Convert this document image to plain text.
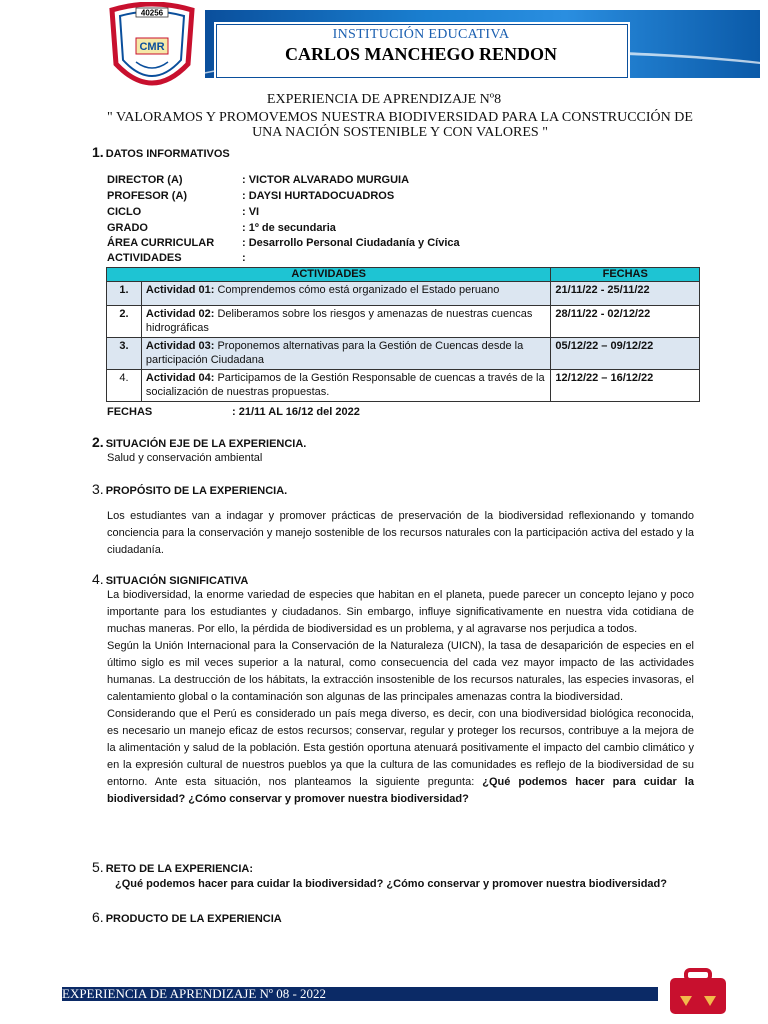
INSTITUCIÓN EDUCATIVA
CARLOS MANCHEGO RENDON
40256
CMR
EXPERIENCIA DE APRENDIZAJE Nº8
" VALORAMOS Y PROMOVEMOS NUESTRA BIODIVERSIDAD PARA LA CONSTRUCCIÓN DE UNA NACIÓN SOSTENIBLE Y CON VALORES "
1. DATOS INFORMATIVOS
DIRECTOR (A)	: VICTOR ALVARADO MURGUIA
PROFESOR (A)	: DAYSI HURTADOCUADROS
CICLO	: VI
GRADO	: 1º de secundaria
ÁREA CURRICULAR	: Desarrollo Personal Ciudadanía y Cívica
ACTIVIDADES	:
ACTIVIDADES		FECHAS
1.	Actividad 01: Comprendemos cómo está organizado el Estado peruano	21/11/22 - 25/11/22
2.	Actividad 02: Deliberamos sobre los riesgos y amenazas de nuestras cuencas hidrográficas	28/11/22 - 02/12/22
3.	Actividad 03: Proponemos alternativas para la Gestión de Cuencas desde la participación Ciudadana	05/12/22 – 09/12/22
4.	Actividad 04: Participamos de la Gestión Responsable de cuencas a través de la socialización de nuestras propuestas.	12/12/22 – 16/12/22
FECHAS	: 21/11 AL 16/12 del 2022
2. SITUACIÓN EJE DE LA EXPERIENCIA.
Salud y conservación ambiental
3. PROPÓSITO DE LA EXPERIENCIA.
Los estudiantes van a indagar y promover prácticas de preservación de la biodiversidad reflexionando y tomando conciencia para la conservación y manejo sostenible de los recursos naturales con la participación activa del estado y la ciudadanía.
4. SITUACIÓN SIGNIFICATIVA
La biodiversidad, la enorme variedad de especies que habitan en el planeta, puede parecer un concepto lejano y poco importante para los estudiantes y ciudadanos. Sin embargo, influye significativamente en nuestra vida cotidiana de muchas maneras. Por ello, la pérdida de biodiversidad es un problema, y al agravarse nos perjudica a todos.
Según la Unión Internacional para la Conservación de la Naturaleza (UICN), la tasa de desaparición de especies en el último siglo es mil veces superior a la natural, como consecuencia del cada vez mayor impacto de las actividades humanas. La destrucción de los hábitats, la extracción insostenible de los recursos naturales, las especies invasoras, el calentamiento global o la contaminación son algunas de las principales amenazas contra la biodiversidad.
Considerando que el Perú es considerado un país mega diverso, es decir, con una biodiversidad biológica reconocida, es necesario un manejo eficaz de estos recursos; conservar, regular y proteger los recursos, contribuye a la mejora de la alimentación y salud de la población. Esta gestión oportuna atenuará positivamente el impacto del cambio climático y en la expresión cultural de nuestros pueblos ya que la cultura de las comunidades es reflejo de la biodiversidad de su entorno. Ante esta situación, nos planteamos la siguiente pregunta: ¿Qué podemos hacer para cuidar la biodiversidad? ¿Cómo conservar y promover nuestra biodiversidad?
5. RETO DE LA EXPERIENCIA:
¿Qué podemos hacer para cuidar la biodiversidad? ¿Cómo conservar y promover nuestra biodiversidad?
6. PRODUCTO DE LA EXPERIENCIA
EXPERIENCIA DE APRENDIZAJE Nº 08 - 2022
